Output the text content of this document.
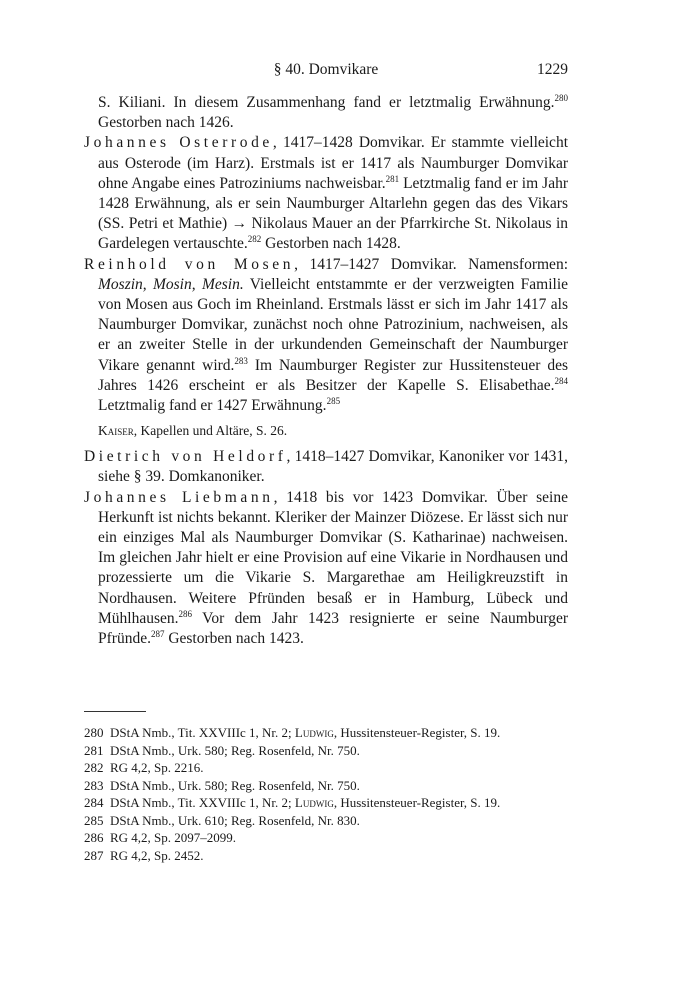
§ 40. Domvikare	1229

S. Kiliani. In diesem Zusammenhang fand er letztmalig Erwähnung.$^{280}$ Gestorben nach 1426.

Johannes Osterrode, 1417–1428 Domvikar. Er stammte vielleicht aus Osterode (im Harz). Erstmals ist er 1417 als Naumburger Domvikar ohne Angabe eines Patroziniums nachweisbar.$^{281}$ Letztmalig fand er im Jahr 1428 Erwähnung, als er sein Naumburger Altarlehn gegen das des Vikars (SS. Petri et Mathie) → Nikolaus Mauer an der Pfarrkirche St. Nikolaus in Gardelegen vertauschte.$^{282}$ Gestorben nach 1428.

Reinhold von Mosen, 1417–1427 Domvikar. Namensformen: Moszin, Mosin, Mesin. Vielleicht entstammte er der verzweigten Familie von Mosen aus Goch im Rheinland. Erstmals lässt er sich im Jahr 1417 als Naumburger Domvikar, zunächst noch ohne Patrozinium, nachweisen, als er an zweiter Stelle in der urkundenden Gemeinschaft der Naumburger Vikare genannt wird.$^{283}$ Im Naumburger Register zur Hussitensteuer des Jahres 1426 erscheint er als Besitzer der Kapelle S. Elisabethae.$^{284}$ Letztmalig fand er 1427 Erwähnung.$^{285}$

Kaiser, Kapellen und Altäre, S. 26.

Dietrich von Heldorf, 1418–1427 Domvikar, Kanoniker vor 1431, siehe § 39. Domkanoniker.

Johannes Liebmann, 1418 bis vor 1423 Domvikar. Über seine Herkunft ist nichts bekannt. Kleriker der Mainzer Diözese. Er lässt sich nur ein einziges Mal als Naumburger Domvikar (S. Katharinae) nachweisen. Im gleichen Jahr hielt er eine Provision auf eine Vikarie in Nordhausen und prozessierte um die Vikarie S. Margarethae am Heiligkreuzstift in Nordhausen. Weitere Pfründen besaß er in Hamburg, Lübeck und Mühlhausen.$^{286}$ Vor dem Jahr 1423 resignierte er seine Naumburger Pfründe.$^{287}$ Gestorben nach 1423.

280 DStA Nmb., Tit. XXVIIIc 1, Nr. 2; Ludwig, Hussitensteuer-Register, S. 19.
281 DStA Nmb., Urk. 580; Reg. Rosenfeld, Nr. 750.
282 RG 4,2, Sp. 2216.
283 DStA Nmb., Urk. 580; Reg. Rosenfeld, Nr. 750.
284 DStA Nmb., Tit. XXVIIIc 1, Nr. 2; Ludwig, Hussitensteuer-Register, S. 19.
285 DStA Nmb., Urk. 610; Reg. Rosenfeld, Nr. 830.
286 RG 4,2, Sp. 2097–2099.
287 RG 4,2, Sp. 2452.
